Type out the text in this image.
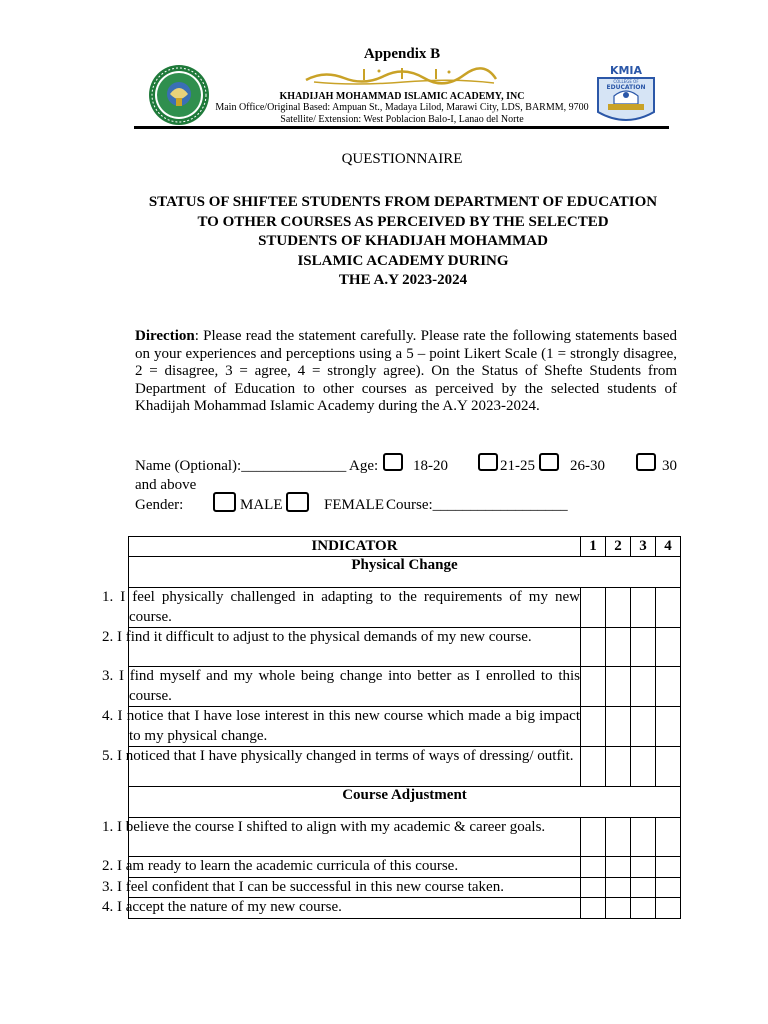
Appendix B
KHADIJAH MOHAMMAD ISLAMIC ACADEMY, INC
Main Office/Original Based: Ampuan St., Madaya Lilod, Marawi City, LDS, BARMM, 9700
Satellite/ Extension: West Poblacion Balo-I, Lanao del Norte
KMIA
COLLEGE OF
EDUCATION
QUESTIONNAIRE
STATUS OF SHIFTEE STUDENTS FROM DEPARTMENT OF EDUCATION
TO OTHER COURSES AS PERCEIVED BY THE SELECTED
STUDENTS OF KHADIJAH MOHAMMAD
ISLAMIC ACADEMY DURING
THE A.Y 2023-2024
Direction: Please read the statement carefully. Please rate the following statements based on your experiences and perceptions using a 5 – point Likert Scale (1 = strongly disagree, 2 = disagree, 3 = agree, 4 = strongly agree). On the Status of Shefte Students from Department of Education to other courses as perceived by the selected students of Khadijah Mohammad Islamic Academy during the A.Y 2023-2024.
Name (Optional):______________ Age: 18-20	21-25 26-30	30
and above
Gender:	MALE	FEMALE Course:__________________
INDICATOR	1	2	3	4
Physical Change				
1. I feel physically challenged in adapting to the requirements of my new course.				
2. I find it difficult to adjust to the physical demands of my new course.				
3. I find myself and my whole being change into better as I enrolled to this course.				
4. I notice that I have lose interest in this new course which made a big impact to my physical change.				
5. I noticed that I have physically changed in terms of ways of dressing/ outfit.				
Course Adjustment				
1. I believe the course I shifted to align with my academic & career goals.				
2. I am ready to learn the academic curricula of this course.				
3. I feel confident that I can be successful in this new course taken.				
4. I accept the nature of my new course.				
